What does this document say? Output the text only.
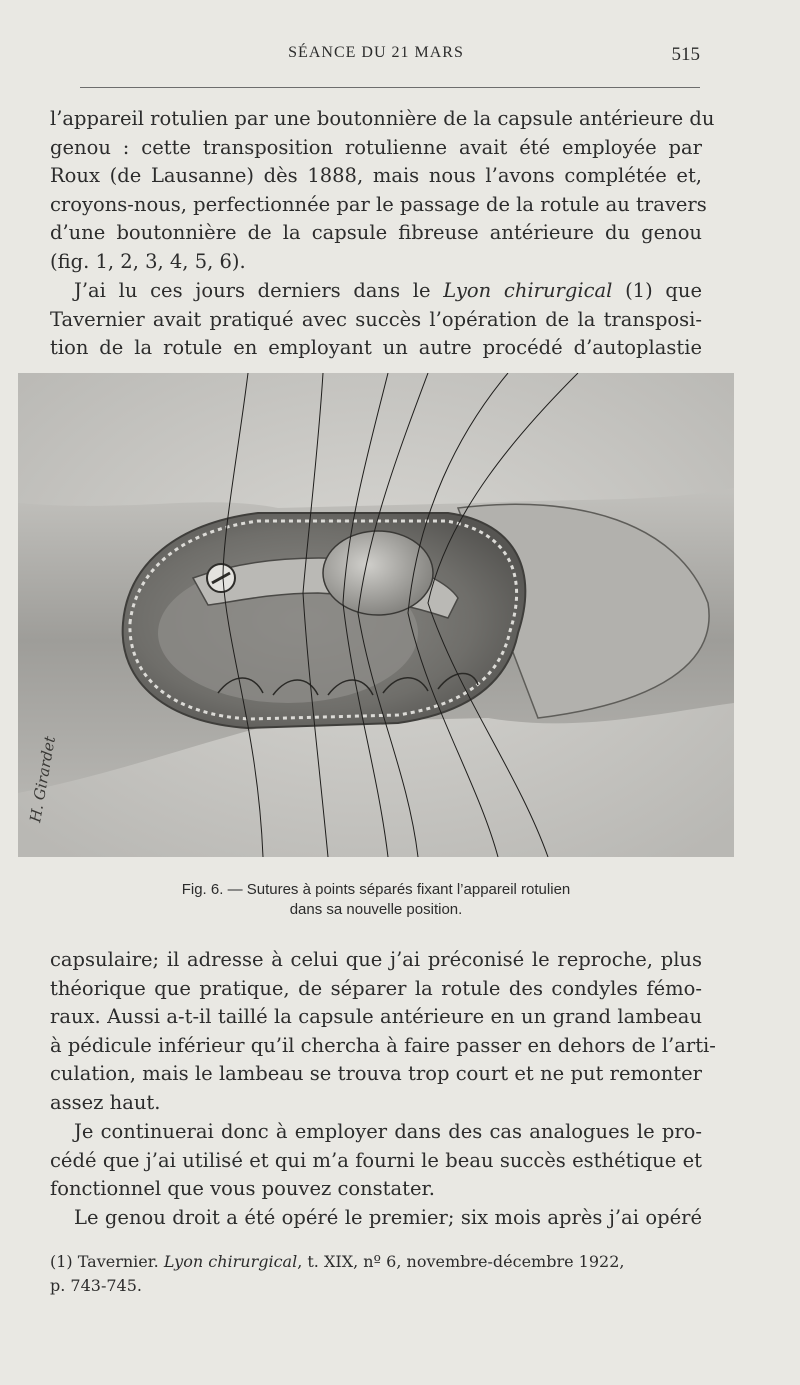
SÉANCE DU 21 MARS	515
l’appareil rotulien par une boutonnière de la capsule antérieure du
genou : cette transposition rotulienne avait été employée par
Roux (de Lausanne) dès 1888, mais nous l’avons complétée et,
croyons-nous, perfectionnée par le passage de la rotule au travers
d’une boutonnière de la capsule fibreuse antérieure du genou
(fig. 1, 2, 3, 4, 5, 6).
J’ai lu ces jours derniers dans le Lyon chirurgical (1) que
Tavernier avait pratiqué avec succès l’opération de la transposi-
tion de la rotule en employant un autre procédé d’autoplastie
H. Girardet
Fig. 6. — Sutures à points séparés fixant l’appareil rotulien
dans sa nouvelle position.
capsulaire; il adresse à celui que j’ai préconisé le reproche, plus
théorique que pratique, de séparer la rotule des condyles fémo-
raux. Aussi a-t-il taillé la capsule antérieure en un grand lambeau
à pédicule inférieur qu’il chercha à faire passer en dehors de l’arti-
culation, mais le lambeau se trouva trop court et ne put remonter
assez haut.
Je continuerai donc à employer dans des cas analogues le pro-
cédé que j’ai utilisé et qui m’a fourni le beau succès esthétique et
fonctionnel que vous pouvez constater.
Le genou droit a été opéré le premier; six mois après j’ai opéré
(1) Tavernier. Lyon chirurgical, t. XIX, nº 6, novembre-décembre 1922,
p. 743-745.
